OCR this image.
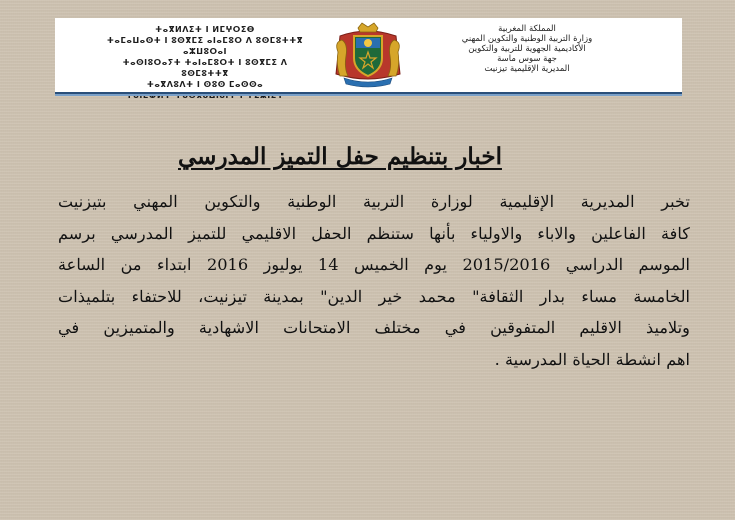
ⵜⴰⴳⵍⴷⵉⵜ ⵏ ⵍⵎⵖⵔⵉⴱ
ⵜⴰⵎⴰⵡⴰⵙⵜ ⵏ ⵓⵙⴳⵎⵉ ⴰⵏⴰⵎⵓⵔ ⴷ ⵓⵙⵎⵓⵜⵜⴳ ⴰⵣⵡⵓⵔⴰⵏ
ⵜⴰⵙⵏⵓⵔⴰⵢⵜ ⵜⴰⵏⴰⵎⵓⵔⵜ ⵏ ⵓⵙⴳⵎⵉ ⴷ ⵓⵙⵎⵓⵜⵜⴳ
ⵜⴰⴳⴷⵓⴷⵜ ⵏ ⵙⵓⵙ ⵎⴰⵙⵙⴰ
المملكة المغربية
وزارة التربية الوطنية والتكوين المهني
الأكاديمية الجهوية للتربية والتكوين
جهة سوس ماسة
المديرية الإقليمية تيزنيت
اخبار بتنظيم حفل التميز المدرسي
تخبر المديرية الإقليمية لوزارة التربية الوطنية والتكوين المهني بتيزنيت
كافة الفاعلين والاباء والاولياء بأنها ستنظم الحفل الاقليمي للتميز المدرسي برسم
الموسم الدراسي 2015/2016 يوم الخميس 14 يوليوز 2016 ابتداء من الساعة
الخامسة مساء بدار الثقافة" محمد خير الدين" بمدينة تيزنيت، للاحتفاء بتلميذات
وتلاميذ الاقليم المتفوقين في مختلف الامتحانات الاشهادية والمتميزين في
اهم انشطة الحياة المدرسية .
